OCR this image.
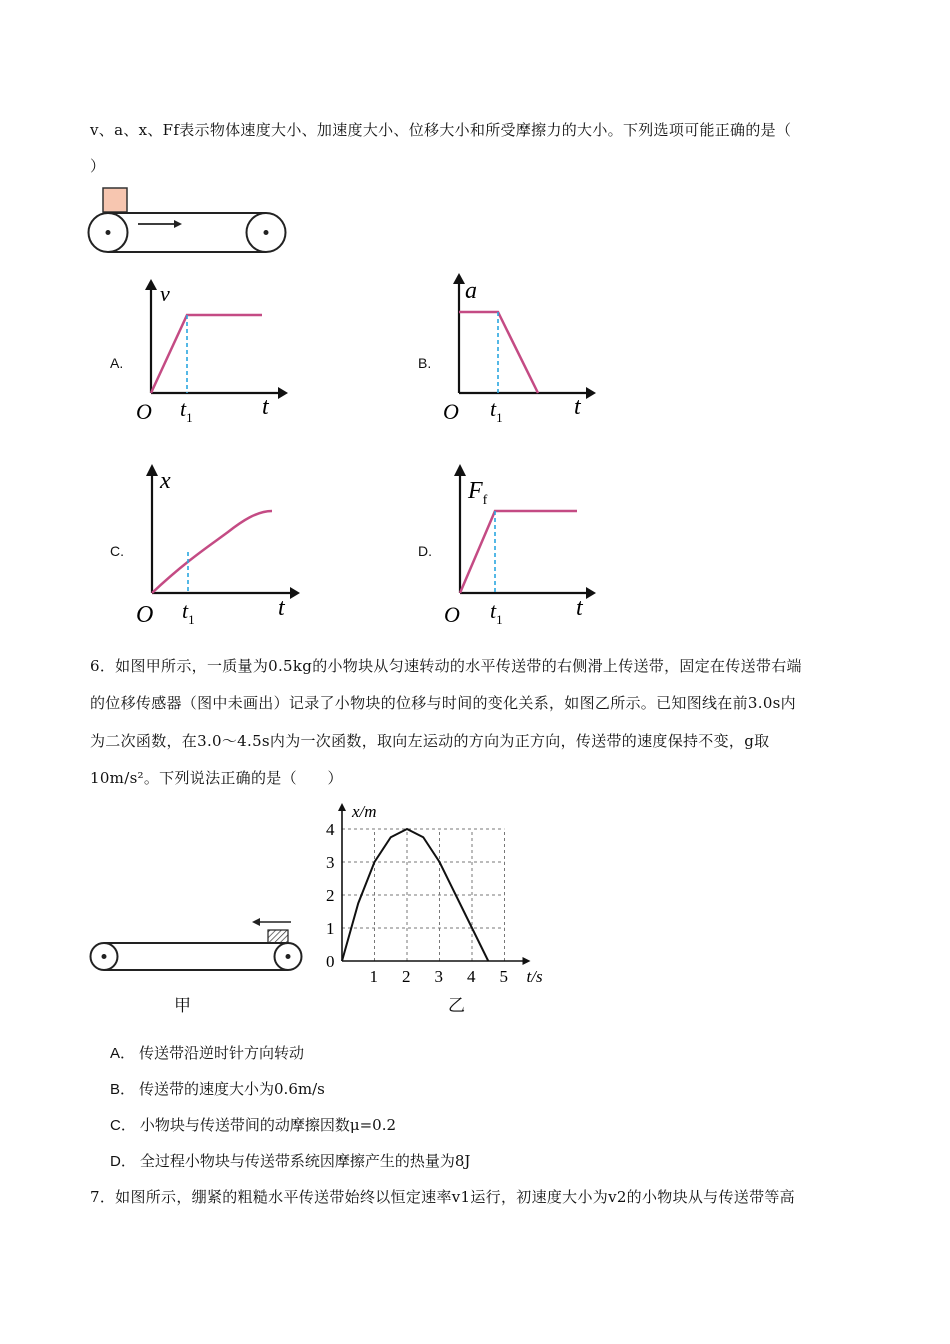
v、a、x、Ff表示物体速度大小、加速度大小、位移大小和所受摩擦力的大小。下列选项可能正确的是（
）
A.
v
t
O $t_1$
B.
a
t
O $t_1$
C.
x
t
O $t_1$
D.
$F_f$
t
O $t_1$
6．如图甲所示，一质量为0.5kg的小物块从匀速转动的水平传送带的右侧滑上传送带，固定在传送带右端
的位移传感器（图中未画出）记录了小物块的位移与时间的变化关系，如图乙所示。已知图线在前3.0s内
为二次函数，在3.0～4.5s内为一次函数，取向左运动的方向为正方向，传送带的速度保持不变，g取
10m/s²。下列说法正确的是（　　）
甲
1 2 3 4 5
0
1
2
3
4
x/m
t/s
乙
A． 传送带沿逆时针方向转动
B． 传送带的速度大小为0.6m/s
C． 小物块与传送带间的动摩擦因数μ=0.2
D． 全过程小物块与传送带系统因摩擦产生的热量为8J
7．如图所示，绷紧的粗糙水平传送带始终以恒定速率v1运行，初速度大小为v2的小物块从与传送带等高
